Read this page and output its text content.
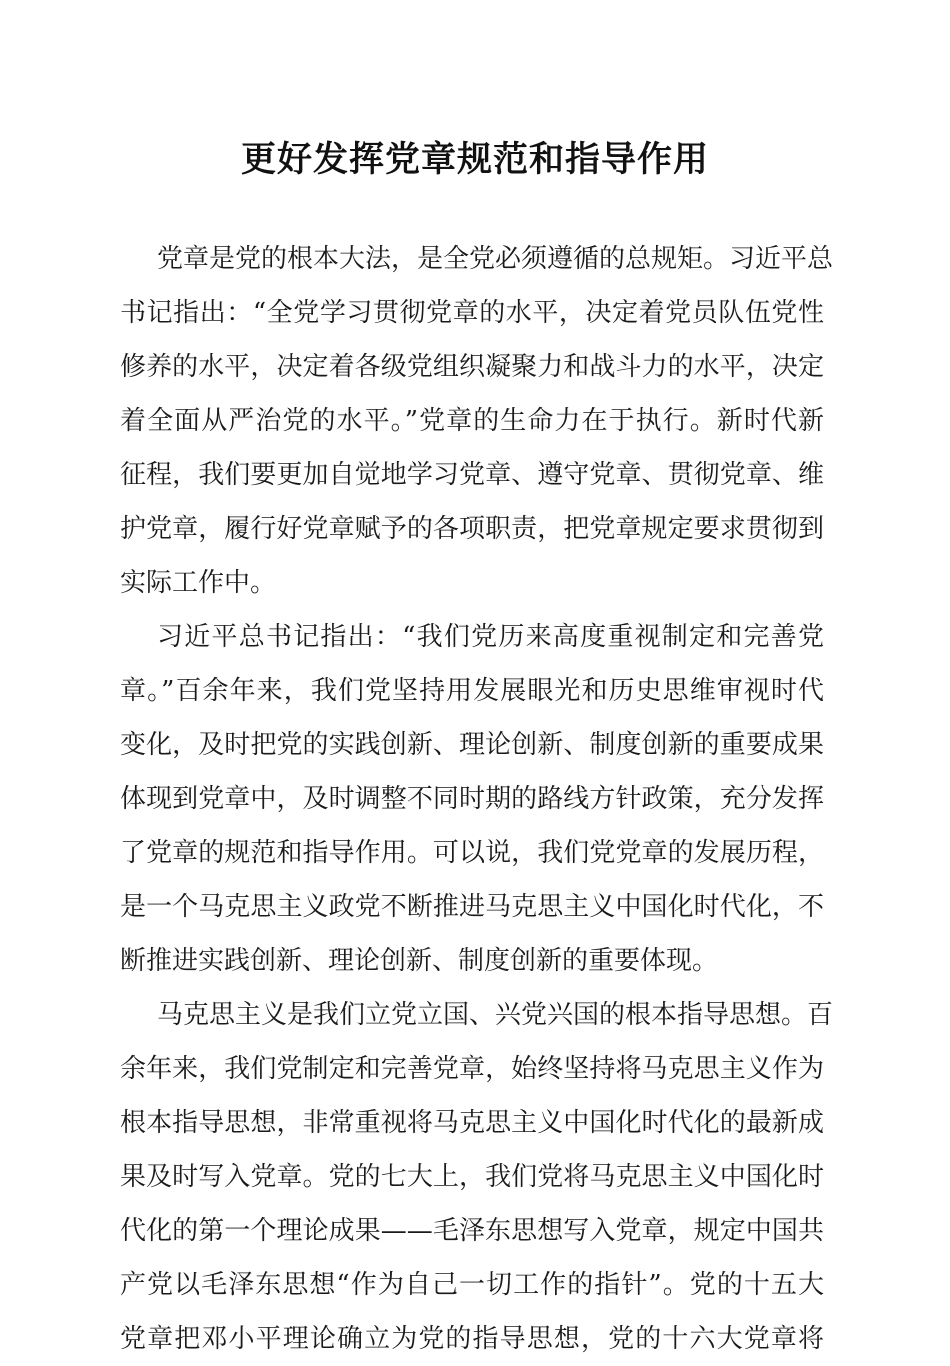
更好发挥党章规范和指导作用
党章是党的根本大法，是全党必须遵循的总规矩。习近平总
书记指出：“全党学习贯彻党章的水平，决定着党员队伍党性
修养的水平，决定着各级党组织凝聚力和战斗力的水平，决定
着全面从严治党的水平。”党章的生命力在于执行。新时代新
征程，我们要更加自觉地学习党章、遵守党章、贯彻党章、维
护党章，履行好党章赋予的各项职责，把党章规定要求贯彻到
实际工作中。
习近平总书记指出：“我们党历来高度重视制定和完善党
章。”百余年来，我们党坚持用发展眼光和历史思维审视时代
变化，及时把党的实践创新、理论创新、制度创新的重要成果
体现到党章中，及时调整不同时期的路线方针政策，充分发挥
了党章的规范和指导作用。可以说，我们党党章的发展历程，
是一个马克思主义政党不断推进马克思主义中国化时代化，不
断推进实践创新、理论创新、制度创新的重要体现。
马克思主义是我们立党立国、兴党兴国的根本指导思想。百
余年来，我们党制定和完善党章，始终坚持将马克思主义作为
根本指导思想，非常重视将马克思主义中国化时代化的最新成
果及时写入党章。党的七大上，我们党将马克思主义中国化时
代化的第一个理论成果——毛泽东思想写入党章，规定中国共
产党以毛泽东思想“作为自己一切工作的指针”。党的十五大
党章把邓小平理论确立为党的指导思想，党的十六大党章将
